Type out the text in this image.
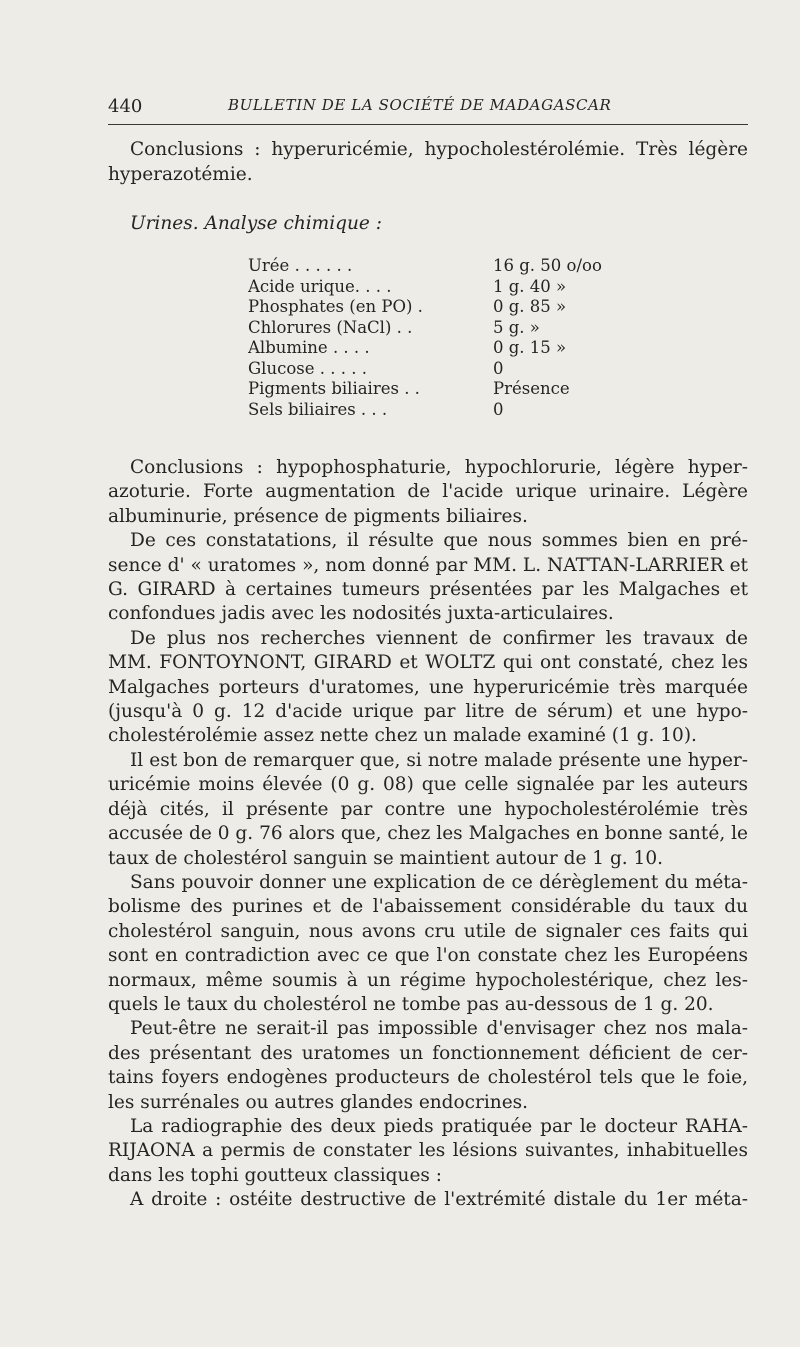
440	BULLETIN DE LA SOCIÉTÉ DE MADAGASCAR
Conclusions : hyperuricémie, hypocholestérolémie. Très légère
hyperazotémie.
Urines. Analyse chimique :
Urée . . . . . .	16 g. 50 o/oo
Acide urique. . . .	1 g. 40 »
Phosphates (en PO) .	0 g. 85 »
Chlorures (NaCl) . .	5 g. »
Albumine . . . .	0 g. 15 »
Glucose . . . . .	0
Pigments biliaires . .	Présence
Sels biliaires . . .	0
Conclusions : hypophosphaturie, hypochlorurie, légère hyper-
azoturie. Forte augmentation de l'acide urique urinaire. Légère
albuminurie, présence de pigments biliaires.
De ces constatations, il résulte que nous sommes bien en pré-
sence d' « uratomes », nom donné par MM. L. NATTAN-LARRIER et
G. GIRARD à certaines tumeurs présentées par les Malgaches et
confondues jadis avec les nodosités juxta-articulaires.
De plus nos recherches viennent de confirmer les travaux de
MM. FONTOYNONT, GIRARD et WOLTZ qui ont constaté, chez les
Malgaches porteurs d'uratomes, une hyperuricémie très marquée
(jusqu'à 0 g. 12 d'acide urique par litre de sérum) et une hypo-
cholestérolémie assez nette chez un malade examiné (1 g. 10).
Il est bon de remarquer que, si notre malade présente une hyper-
uricémie moins élevée (0 g. 08) que celle signalée par les auteurs
déjà cités, il présente par contre une hypocholestérolémie très
accusée de 0 g. 76 alors que, chez les Malgaches en bonne santé, le
taux de cholestérol sanguin se maintient autour de 1 g. 10.
Sans pouvoir donner une explication de ce dérèglement du méta-
bolisme des purines et de l'abaissement considérable du taux du
cholestérol sanguin, nous avons cru utile de signaler ces faits qui
sont en contradiction avec ce que l'on constate chez les Européens
normaux, même soumis à un régime hypocholestérique, chez les-
quels le taux du cholestérol ne tombe pas au-dessous de 1 g. 20.
Peut-être ne serait-il pas impossible d'envisager chez nos mala-
des présentant des uratomes un fonctionnement déficient de cer-
tains foyers endogènes producteurs de cholestérol tels que le foie,
les surrénales ou autres glandes endocrines.
La radiographie des deux pieds pratiquée par le docteur RAHA-
RIJAONA a permis de constater les lésions suivantes, inhabituelles
dans les tophi goutteux classiques :
A droite : ostéite destructive de l'extrémité distale du 1er méta-
